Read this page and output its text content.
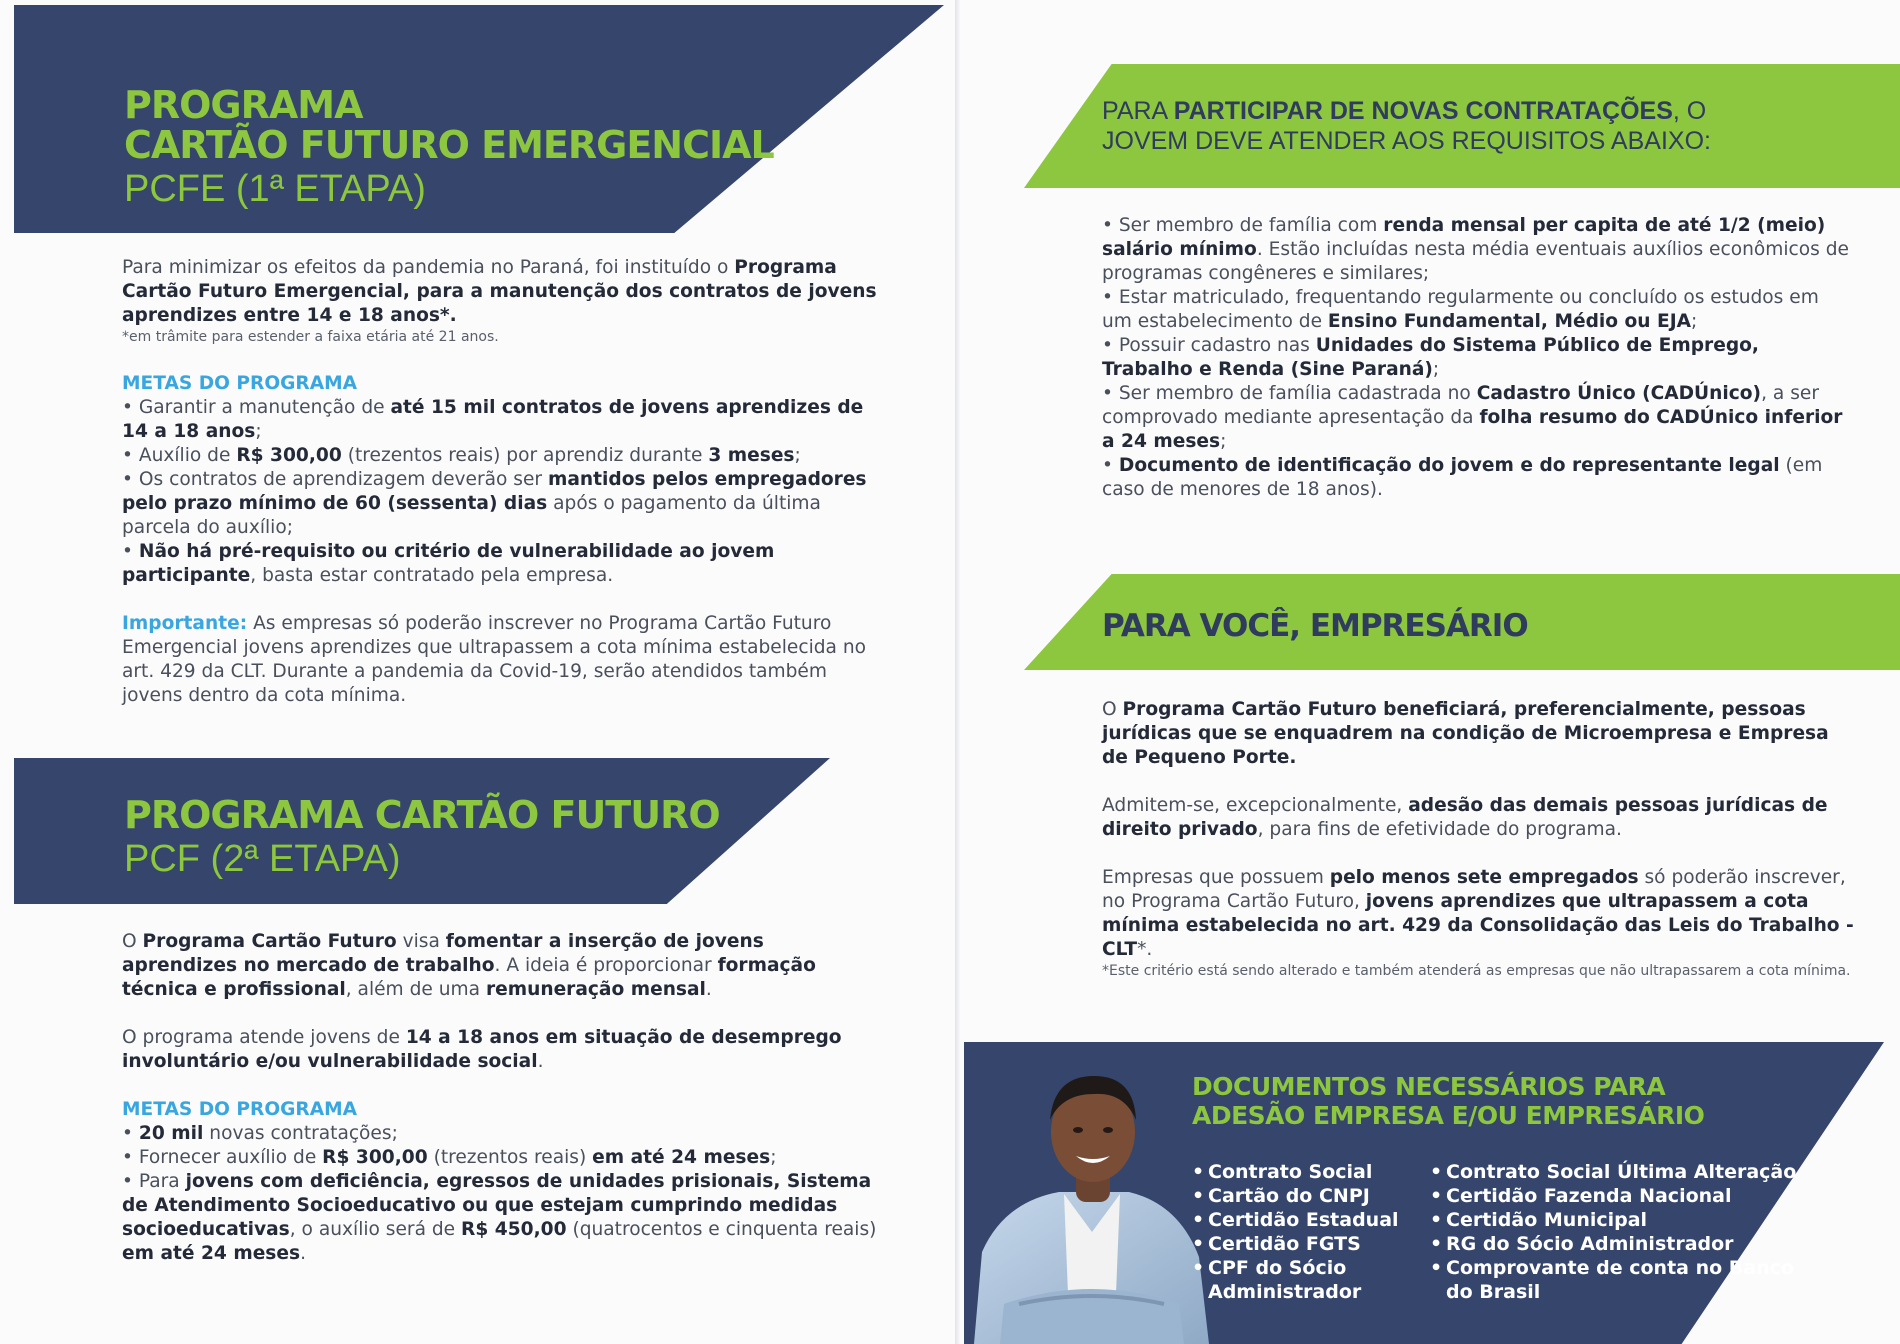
PROGRAMA
CARTÃO FUTURO EMERGENCIAL
PCFE (1ª ETAPA)
Para minimizar os efeitos da pandemia no Paraná, foi instituído o Programa Cartão Futuro Emergencial, para a manutenção dos contratos de jovens aprendizes entre 14 e 18 anos*.
*em trâmite para estender a faixa etária até 21 anos.
METAS DO PROGRAMA
• Garantir a manutenção de até 15 mil contratos de jovens aprendizes de 14 a 18 anos;
• Auxílio de R$ 300,00 (trezentos reais) por aprendiz durante 3 meses;
• Os contratos de aprendizagem deverão ser mantidos pelos empregadores pelo prazo mínimo de 60 (sessenta) dias após o pagamento da última parcela do auxílio;
• Não há pré-requisito ou critério de vulnerabilidade ao jovem participante, basta estar contratado pela empresa.
Importante: As empresas só poderão inscrever no Programa Cartão Futuro Emergencial jovens aprendizes que ultrapassem a cota mínima estabelecida no art. 429 da CLT. Durante a pandemia da Covid-19, serão atendidos também jovens dentro da cota mínima.
PROGRAMA CARTÃO FUTURO
PCF (2ª ETAPA)
O Programa Cartão Futuro visa fomentar a inserção de jovens aprendizes no mercado de trabalho. A ideia é proporcionar formação técnica e profissional, além de uma remuneração mensal.
O programa atende jovens de 14 a 18 anos em situação de desemprego involuntário e/ou vulnerabilidade social.
METAS DO PROGRAMA
• 20 mil novas contratações;
• Fornecer auxílio de R$ 300,00 (trezentos reais) em até 24 meses;
• Para jovens com deficiência, egressos de unidades prisionais, Sistema de Atendimento Socioeducativo ou que estejam cumprindo medidas socioeducativas, o auxílio será de R$ 450,00 (quatrocentos e cinquenta reais) em até 24 meses.
PARA PARTICIPAR DE NOVAS CONTRATAÇÕES, O
JOVEM DEVE ATENDER AOS REQUISITOS ABAIXO:
• Ser membro de família com renda mensal per capita de até 1/2 (meio) salário mínimo. Estão incluídas nesta média eventuais auxílios econômicos de programas congêneres e similares;
• Estar matriculado, frequentando regularmente ou concluído os estudos em um estabelecimento de Ensino Fundamental, Médio ou EJA;
• Possuir cadastro nas Unidades do Sistema Público de Emprego, Trabalho e Renda (Sine Paraná);
• Ser membro de família cadastrada no Cadastro Único (CADÚnico), a ser comprovado mediante apresentação da folha resumo do CADÚnico inferior a 24 meses;
• Documento de identificação do jovem e do representante legal (em caso de menores de 18 anos).
PARA VOCÊ, EMPRESÁRIO
O Programa Cartão Futuro beneficiará, preferencialmente, pessoas jurídicas que se enquadrem na condição de Microempresa e Empresa de Pequeno Porte.
Admitem-se, excepcionalmente, adesão das demais pessoas jurídicas de direito privado, para fins de efetividade do programa.
Empresas que possuem pelo menos sete empregados só poderão inscrever, no Programa Cartão Futuro, jovens aprendizes que ultrapassem a cota mínima estabelecida no art. 429 da Consolidação das Leis do Trabalho - CLT*.
*Este critério está sendo alterado e também atenderá as empresas que não ultrapassarem a cota mínima.
DOCUMENTOS NECESSÁRIOS PARA
ADESÃO EMPRESA E/OU EMPRESÁRIO
• Contrato Social
• Cartão do CNPJ
• Certidão Estadual
• Certidão FGTS
• CPF do Sócio Administrador
• Contrato Social Última Alteração
• Certidão Fazenda Nacional
• Certidão Municipal
• RG do Sócio Administrador
• Comprovante de conta no Banco do Brasil
